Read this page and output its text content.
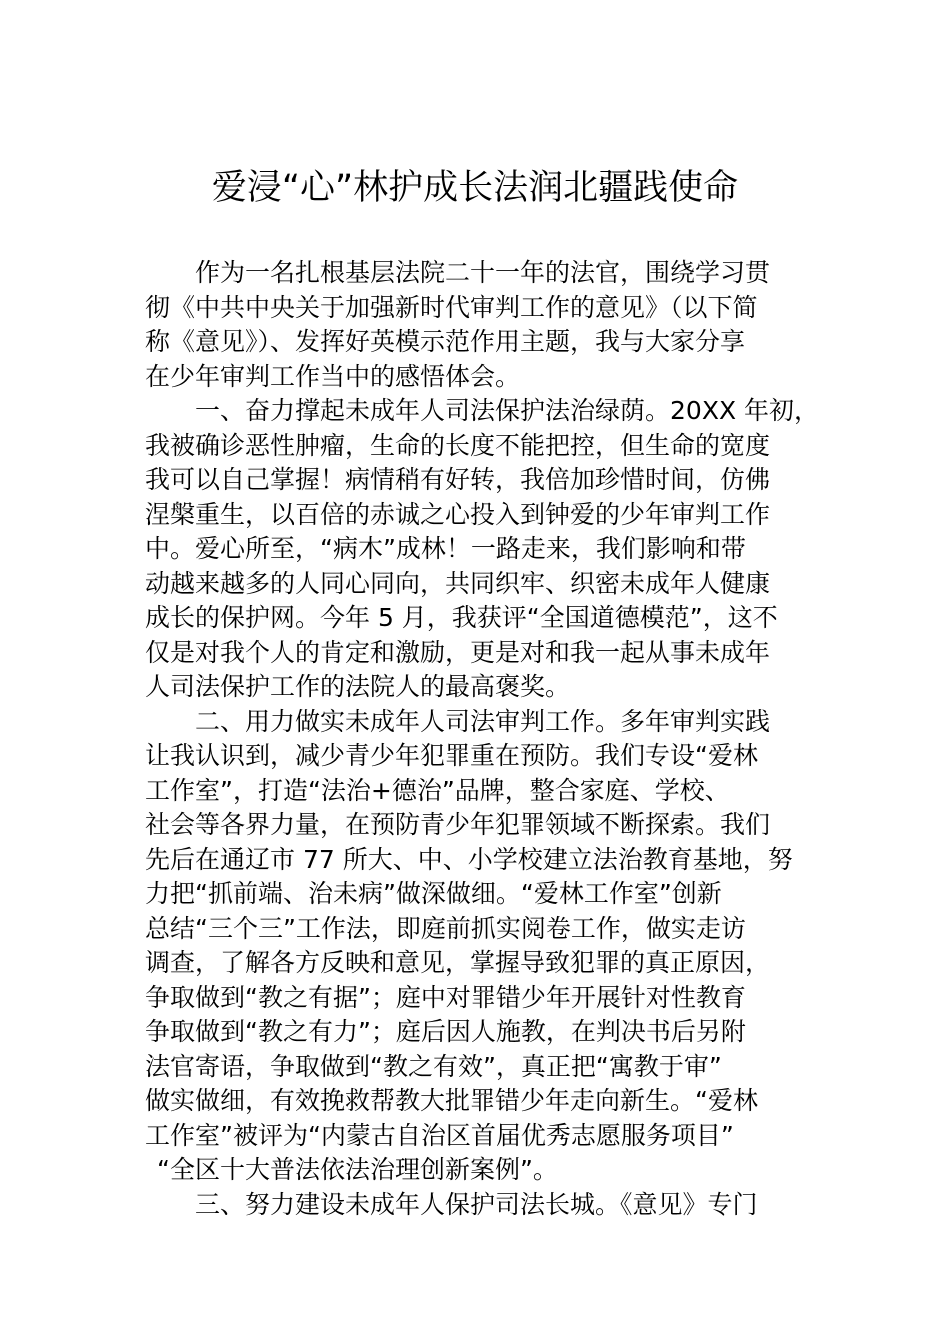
爱浸“心”林护成长法润北疆践使命
作为一名扎根基层法院二十一年的法官，围绕学习贯
彻《中共中央关于加强新时代审判工作的意见》（以下简
称《意见》）、发挥好英模示范作用主题，我与大家分享
在少年审判工作当中的感悟体会。
一、奋力撑起未成年人司法保护法治绿荫。20XX 年初，
我被确诊恶性肿瘤，生命的长度不能把控，但生命的宽度
我可以自己掌握！病情稍有好转，我倍加珍惜时间，仿佛
涅槃重生，以百倍的赤诚之心投入到钟爱的少年审判工作
中。爱心所至，“病木”成林！一路走来，我们影响和带
动越来越多的人同心同向，共同织牢、织密未成年人健康
成长的保护网。今年 5 月，我获评“全国道德模范”，这不
仅是对我个人的肯定和激励，更是对和我一起从事未成年
人司法保护工作的法院人的最高褒奖。
二、用力做实未成年人司法审判工作。多年审判实践
让我认识到，减少青少年犯罪重在预防。我们专设“爱林
工作室”，打造“法治+德治”品牌，整合家庭、学校、
社会等各界力量，在预防青少年犯罪领域不断探索。我们
先后在通辽市 77 所大、中、小学校建立法治教育基地，努
力把“抓前端、治未病”做深做细。“爱林工作室”创新
总结“三个三”工作法，即庭前抓实阅卷工作，做实走访
调查，了解各方反映和意见，掌握导致犯罪的真正原因，
争取做到“教之有据”；庭中对罪错少年开展针对性教育
争取做到“教之有力”；庭后因人施教，在判决书后另附
法官寄语，争取做到“教之有效”，真正把“寓教于审”
做实做细，有效挽救帮教大批罪错少年走向新生。“爱林
工作室”被评为“内蒙古自治区首届优秀志愿服务项目”
“全区十大普法依法治理创新案例”。
三、努力建设未成年人保护司法长城。《意见》专门
